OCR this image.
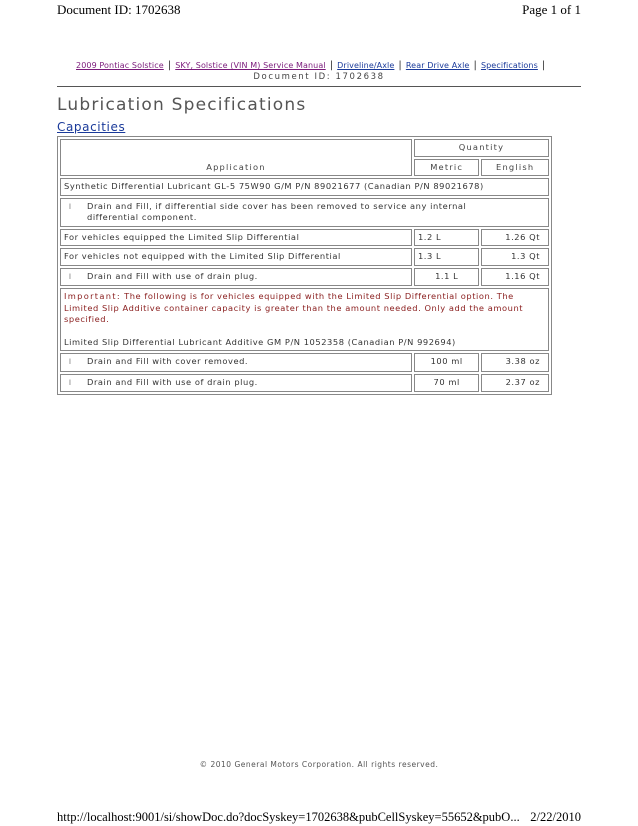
Document ID: 1702638	Page 1 of 1
2009 Pontiac Solstice | SKY, Solstice (VIN M) Service Manual | Driveline/Axle | Rear Drive Axle | Specifications |
Document ID: 1702638
Lubrication Specifications
Capacities
Application	Quantity	
	Metric	English
Synthetic Differential Lubricant GL-5 75W90 G/M P/N 89021677 (Canadian P/N 89021678)		
l Drain and Fill, if differential side cover has been removed to service any internal differential component.		
For vehicles equipped the Limited Slip Differential	1.2 L	1.26 Qt
For vehicles not equipped with the Limited Slip Differential	1.3 L	1.3 Qt
l Drain and Fill with use of drain plug.	1.1 L	1.16 Qt

Important: The following is for vehicles equipped with the Limited Slip Differential option. The Limited Slip Additive container capacity is greater than the amount needed. Only add the amount specified.
Limited Slip Differential Lubricant Additive GM P/N 1052358 (Canadian P/N 992694)		

l Drain and Fill with cover removed.	100 ml	3.38 oz
l Drain and Fill with use of drain plug.	70 ml	2.37 oz
© 2010 General Motors Corporation. All rights reserved.
http://localhost:9001/si/showDoc.do?docSyskey=1702638&pubCellSyskey=55652&pubO... 2/22/2010
